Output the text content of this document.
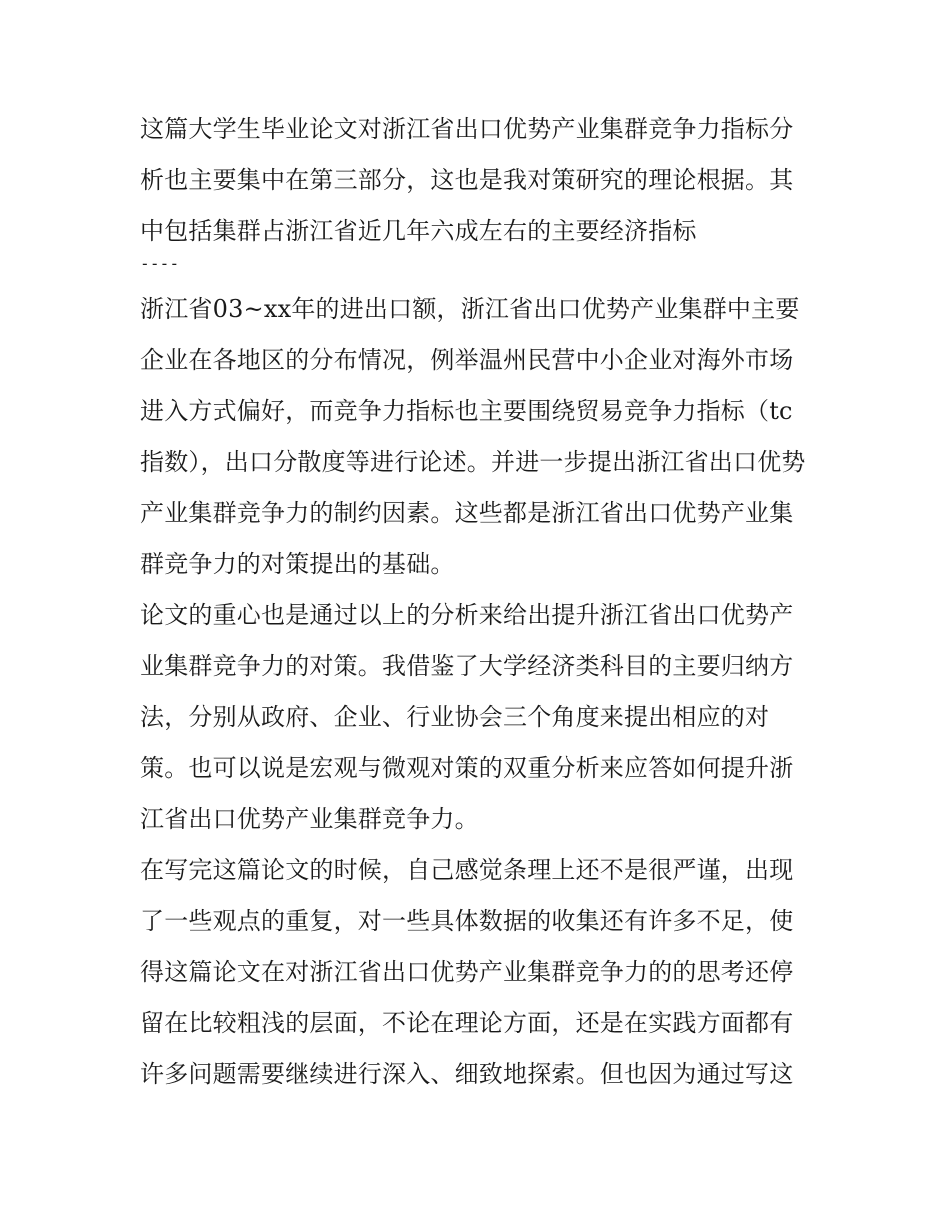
这篇大学生毕业论文对浙江省出口优势产业集群竞争力指标分析也主要集中在第三部分，这也是我对策研究的理论根据。其中包括集群占浙江省近几年六成左右的主要经济指标

----

浙江省03~xx年的进出口额，浙江省出口优势产业集群中主要企业在各地区的分布情况，例举温州民营中小企业对海外市场进入方式偏好，而竞争力指标也主要围绕贸易竞争力指标（tc指数），出口分散度等进行论述。并进一步提出浙江省出口优势产业集群竞争力的制约因素。这些都是浙江省出口优势产业集群竞争力的对策提出的基础。

论文的重心也是通过以上的分析来给出提升浙江省出口优势产业集群竞争力的对策。我借鉴了大学经济类科目的主要归纳方法，分别从政府、企业、行业协会三个角度来提出相应的对策。也可以说是宏观与微观对策的双重分析来应答如何提升浙江省出口优势产业集群竞争力。

在写完这篇论文的时候，自己感觉条理上还不是很严谨，出现了一些观点的重复，对一些具体数据的收集还有许多不足，使得这篇论文在对浙江省出口优势产业集群竞争力的的思考还停留在比较粗浅的层面，不论在理论方面，还是在实践方面都有许多问题需要继续进行深入、细致地探索。但也因为通过写这
